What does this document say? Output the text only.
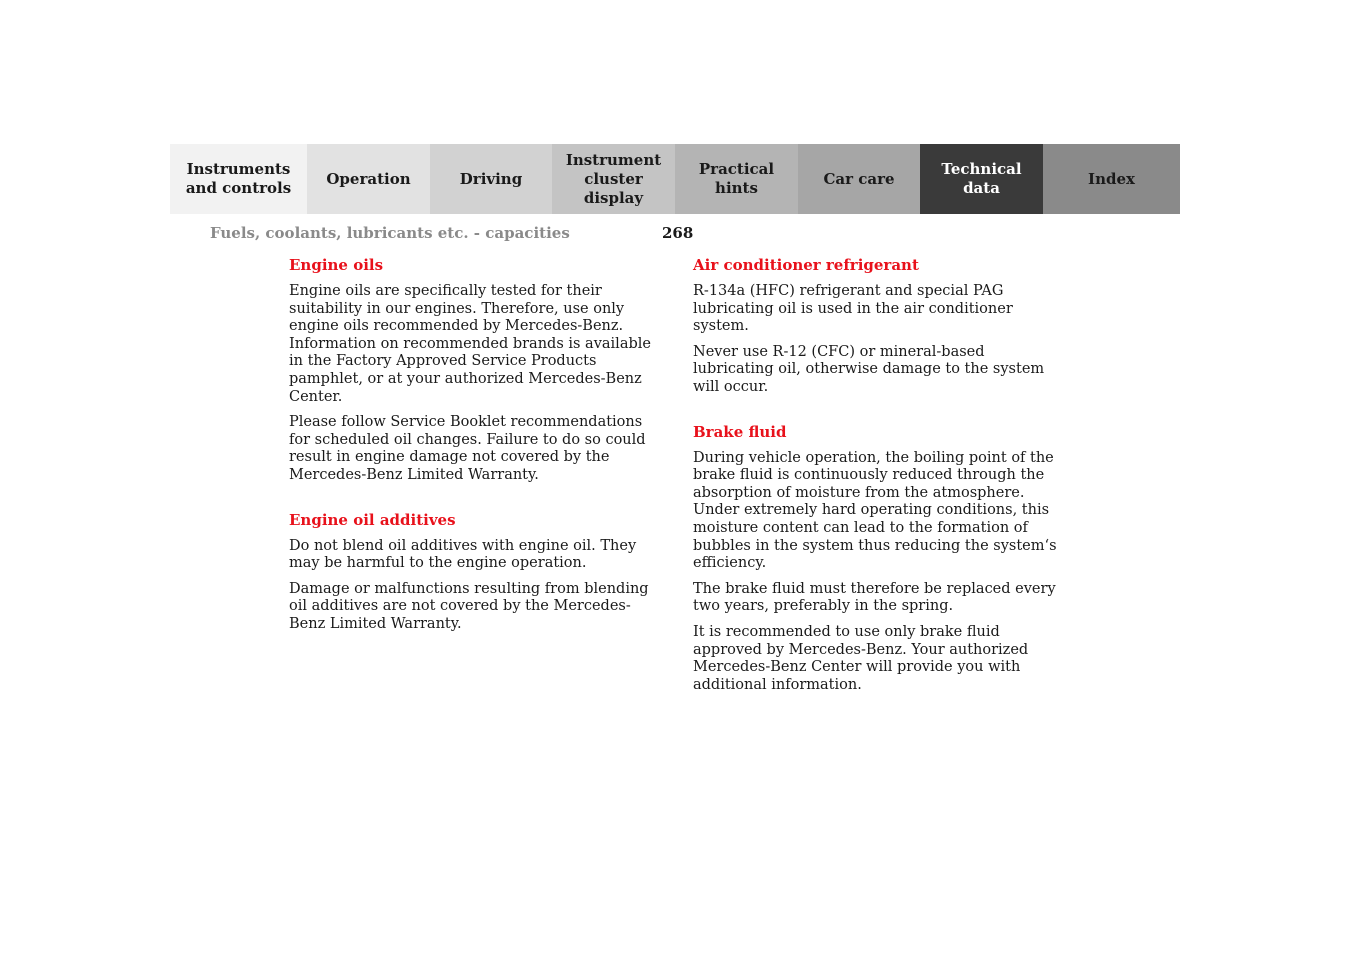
Instruments
and controls
Operation	Driving
Instrument
cluster display
Practical hints
Car care
Technical
data
Index
Fuels, coolants, lubricants etc. - capacities	268
Engine oils

Engine oils are specifically tested for their suitability in our engines. Therefore, use only engine oils recommended by Mercedes-Benz. Information on recommended brands is available in the Factory Approved Service Products pamphlet, or at your authorized Mercedes-Benz Center.

Please follow Service Booklet recommendations for scheduled oil changes. Failure to do so could result in engine damage not covered by the Mercedes-Benz Limited Warranty.

Engine oil additives

Do not blend oil additives with engine oil. They may be harmful to the engine operation.

Damage or malfunctions resulting from blending oil additives are not covered by the Mercedes-Benz Limited Warranty.

Air conditioner refrigerant

R-134a (HFC) refrigerant and special PAG lubricating oil is used in the air conditioner system.

Never use R-12 (CFC) or mineral-based lubricating oil, otherwise damage to the system will occur.

Brake fluid

During vehicle operation, the boiling point of the brake fluid is continuously reduced through the absorption of moisture from the atmosphere. Under extremely hard operating conditions, this moisture content can lead to the formation of bubbles in the system thus reducing the system‘s efficiency.

The brake fluid must therefore be replaced every two years, preferably in the spring.

It is recommended to use only brake fluid approved by Mercedes-Benz. Your authorized Mercedes-Benz Center will provide you with additional information.
